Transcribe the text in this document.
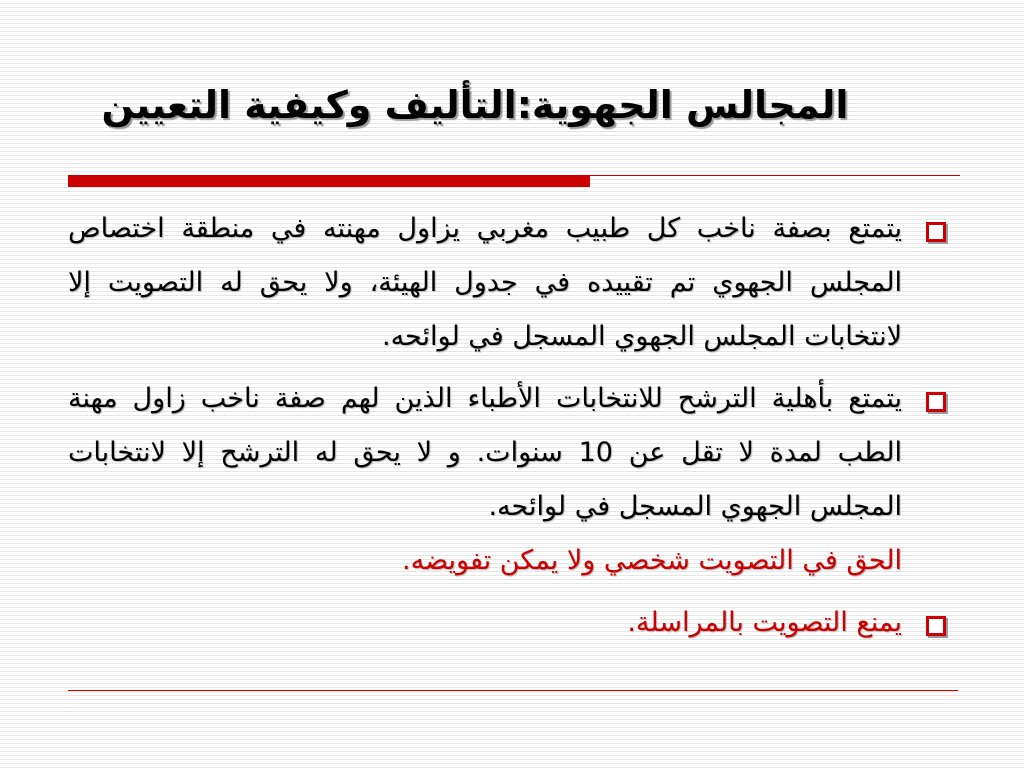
المجالس الجهوية:التأليف وكيفية التعيين
يتمتع بصفة ناخب كل طبيب مغربي يزاول مهنته في منطقة اختصاص المجلس الجهوي تم تقييده في جدول الهيئة، ولا يحق له التصويت إلا لانتخابات المجلس الجهوي المسجل في لوائحه.
يتمتع بأهلية الترشح للانتخابات الأطباء الذين لهم صفة ناخب زاول مهنة الطب لمدة لا تقل عن 10 سنوات. و لا يحق له الترشح إلا لانتخابات المجلس الجهوي المسجل في لوائحه.
الحق في التصويت شخصي ولا يمكن تفويضه.
يمنع التصويت بالمراسلة.
